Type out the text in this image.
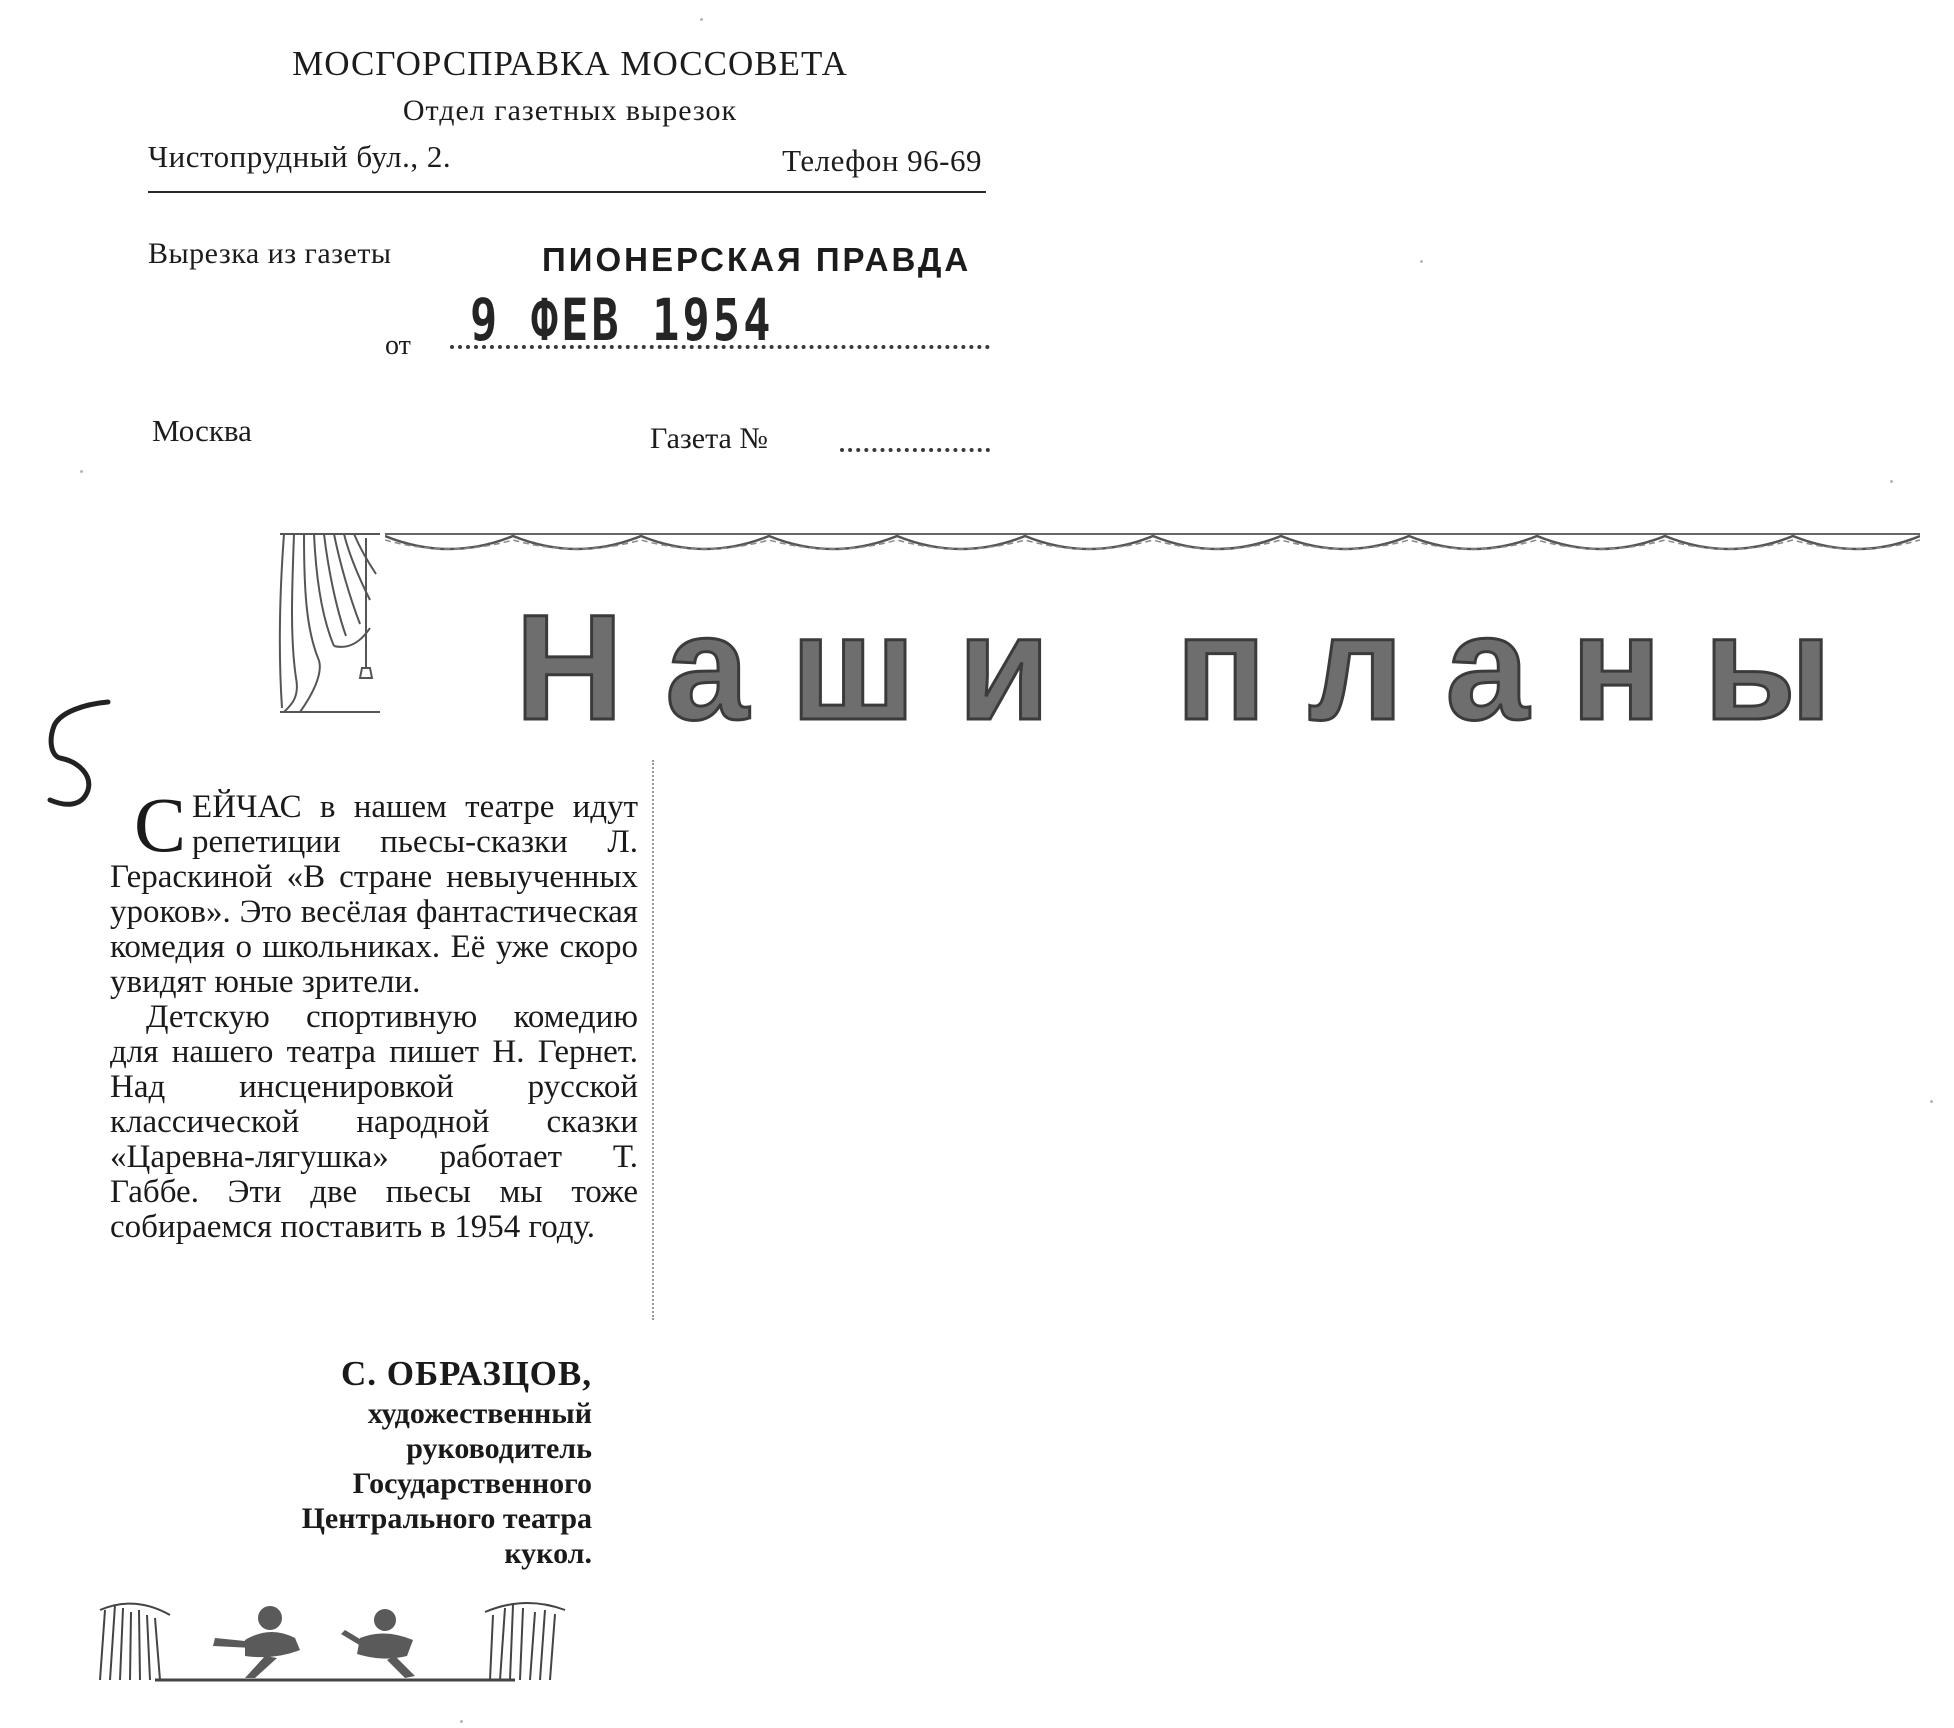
МОСГОРСПРАВКА МОССОВЕТА
Отдел газетных вырезок
Чистопрудный бул., 2.	Телефон 96-69
Вырезка из газеты	ПИОНЕРСКАЯ ПРАВДА
от 9 ФЕВ 1954
Москва	Газета №
Наши планы

СЕЙЧАС в нашем театре идут репетиции пьесы-сказки Л. Гераскиной «В стране невыученных уроков». Это весёлая фантастическая комедия о школьниках. Её уже скоро увидят юные зрители.

Детскую спортивную комедию для нашего театра пишет Н. Гернет. Над инсценировкой русской классической народной сказки «Царевна-лягушка» работает Т. Габбе. Эти две пьесы мы тоже собираемся поставить в 1954 году.

С. ОБРАЗЦОВ,
художественный
руководитель
Государственного
Центрального театра
кукол.
